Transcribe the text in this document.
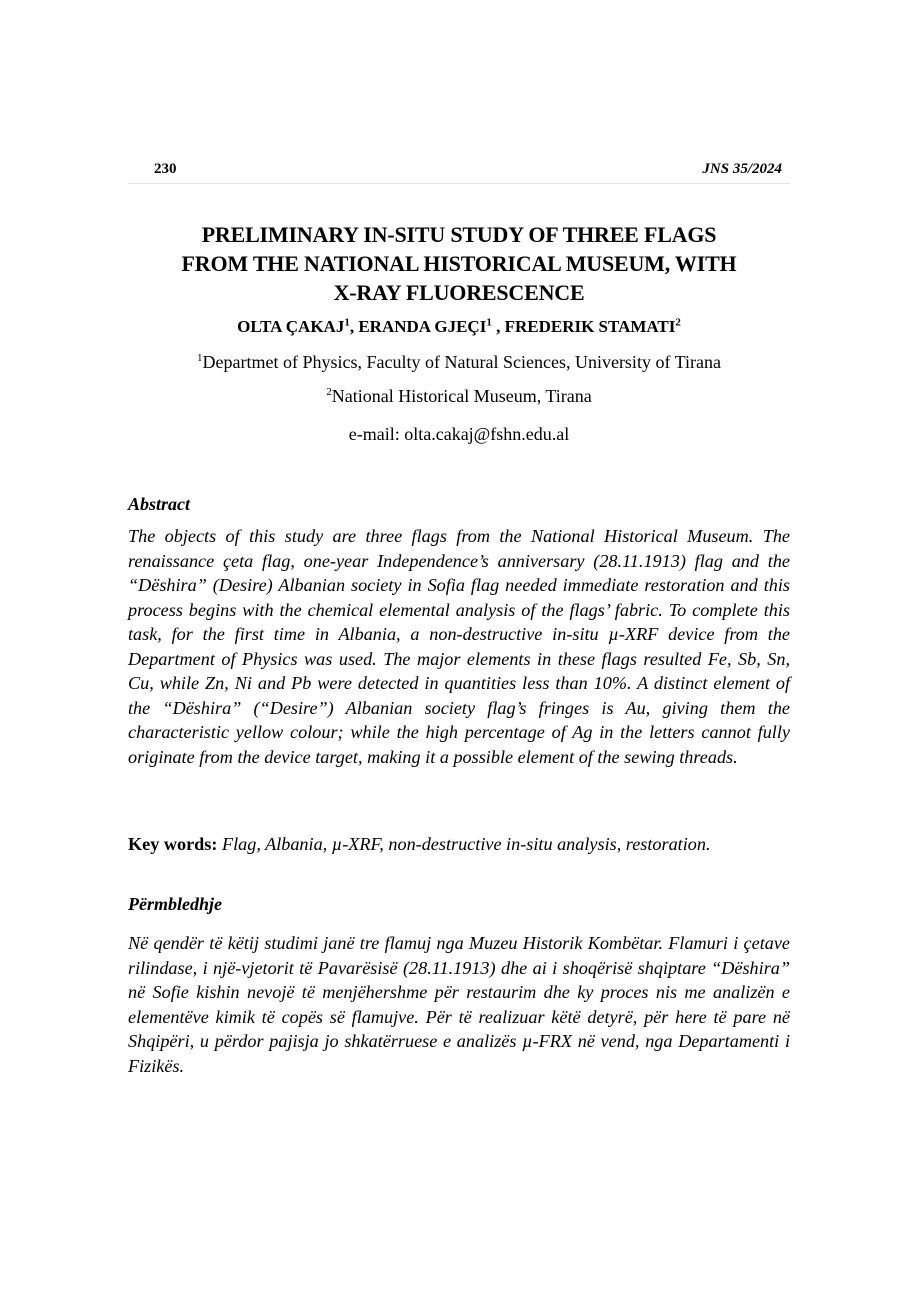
230	JNS 35/2024
PRELIMINARY IN-SITU STUDY OF THREE FLAGS
FROM THE NATIONAL HISTORICAL MUSEUM, WITH
X-RAY FLUORESCENCE
OLTA ÇAKAJ$^1$, ERANDA GJEÇI$^1$ , FREDERIK STAMATI$^2$
$^1$Departmet of Physics, Faculty of Natural Sciences, University of Tirana
$^2$National Historical Museum, Tirana
e-mail: olta.cakaj@fshn.edu.al
Abstract
The objects of this study are three flags from the National Historical Museum. The renaissance çeta flag, one-year Independence’s anniversary (28.11.1913) flag and the “Dëshira” (Desire) Albanian society in Sofia flag needed immediate restoration and this process begins with the chemical elemental analysis of the flags’ fabric. To complete this task, for the first time in Albania, a non-destructive in-situ µ-XRF device from the Department of Physics was used. The major elements in these flags resulted Fe, Sb, Sn, Cu, while Zn, Ni and Pb were detected in quantities less than 10%. A distinct element of the “Dëshira” (“Desire”) Albanian society flag’s fringes is Au, giving them the characteristic yellow colour; while the high percentage of Ag in the letters cannot fully originate from the device target, making it a possible element of the sewing threads.
Key words: Flag, Albania, µ-XRF, non-destructive in-situ analysis, restoration.
Përmbledhje
Në qendër të këtij studimi janë tre flamuj nga Muzeu Historik Kombëtar. Flamuri i çetave rilindase, i një-vjetorit të Pavarësisë (28.11.1913) dhe ai i shoqërisë shqiptare “Dëshira” në Sofie kishin nevojë të menjëhershme për restaurim dhe ky proces nis me analizën e elementëve kimik të copës së flamujve. Për të realizuar këtë detyrë, për here të pare në Shqipëri, u përdor pajisja jo shkatërruese e analizës µ-FRX në vend, nga Departamenti i Fizikës.
